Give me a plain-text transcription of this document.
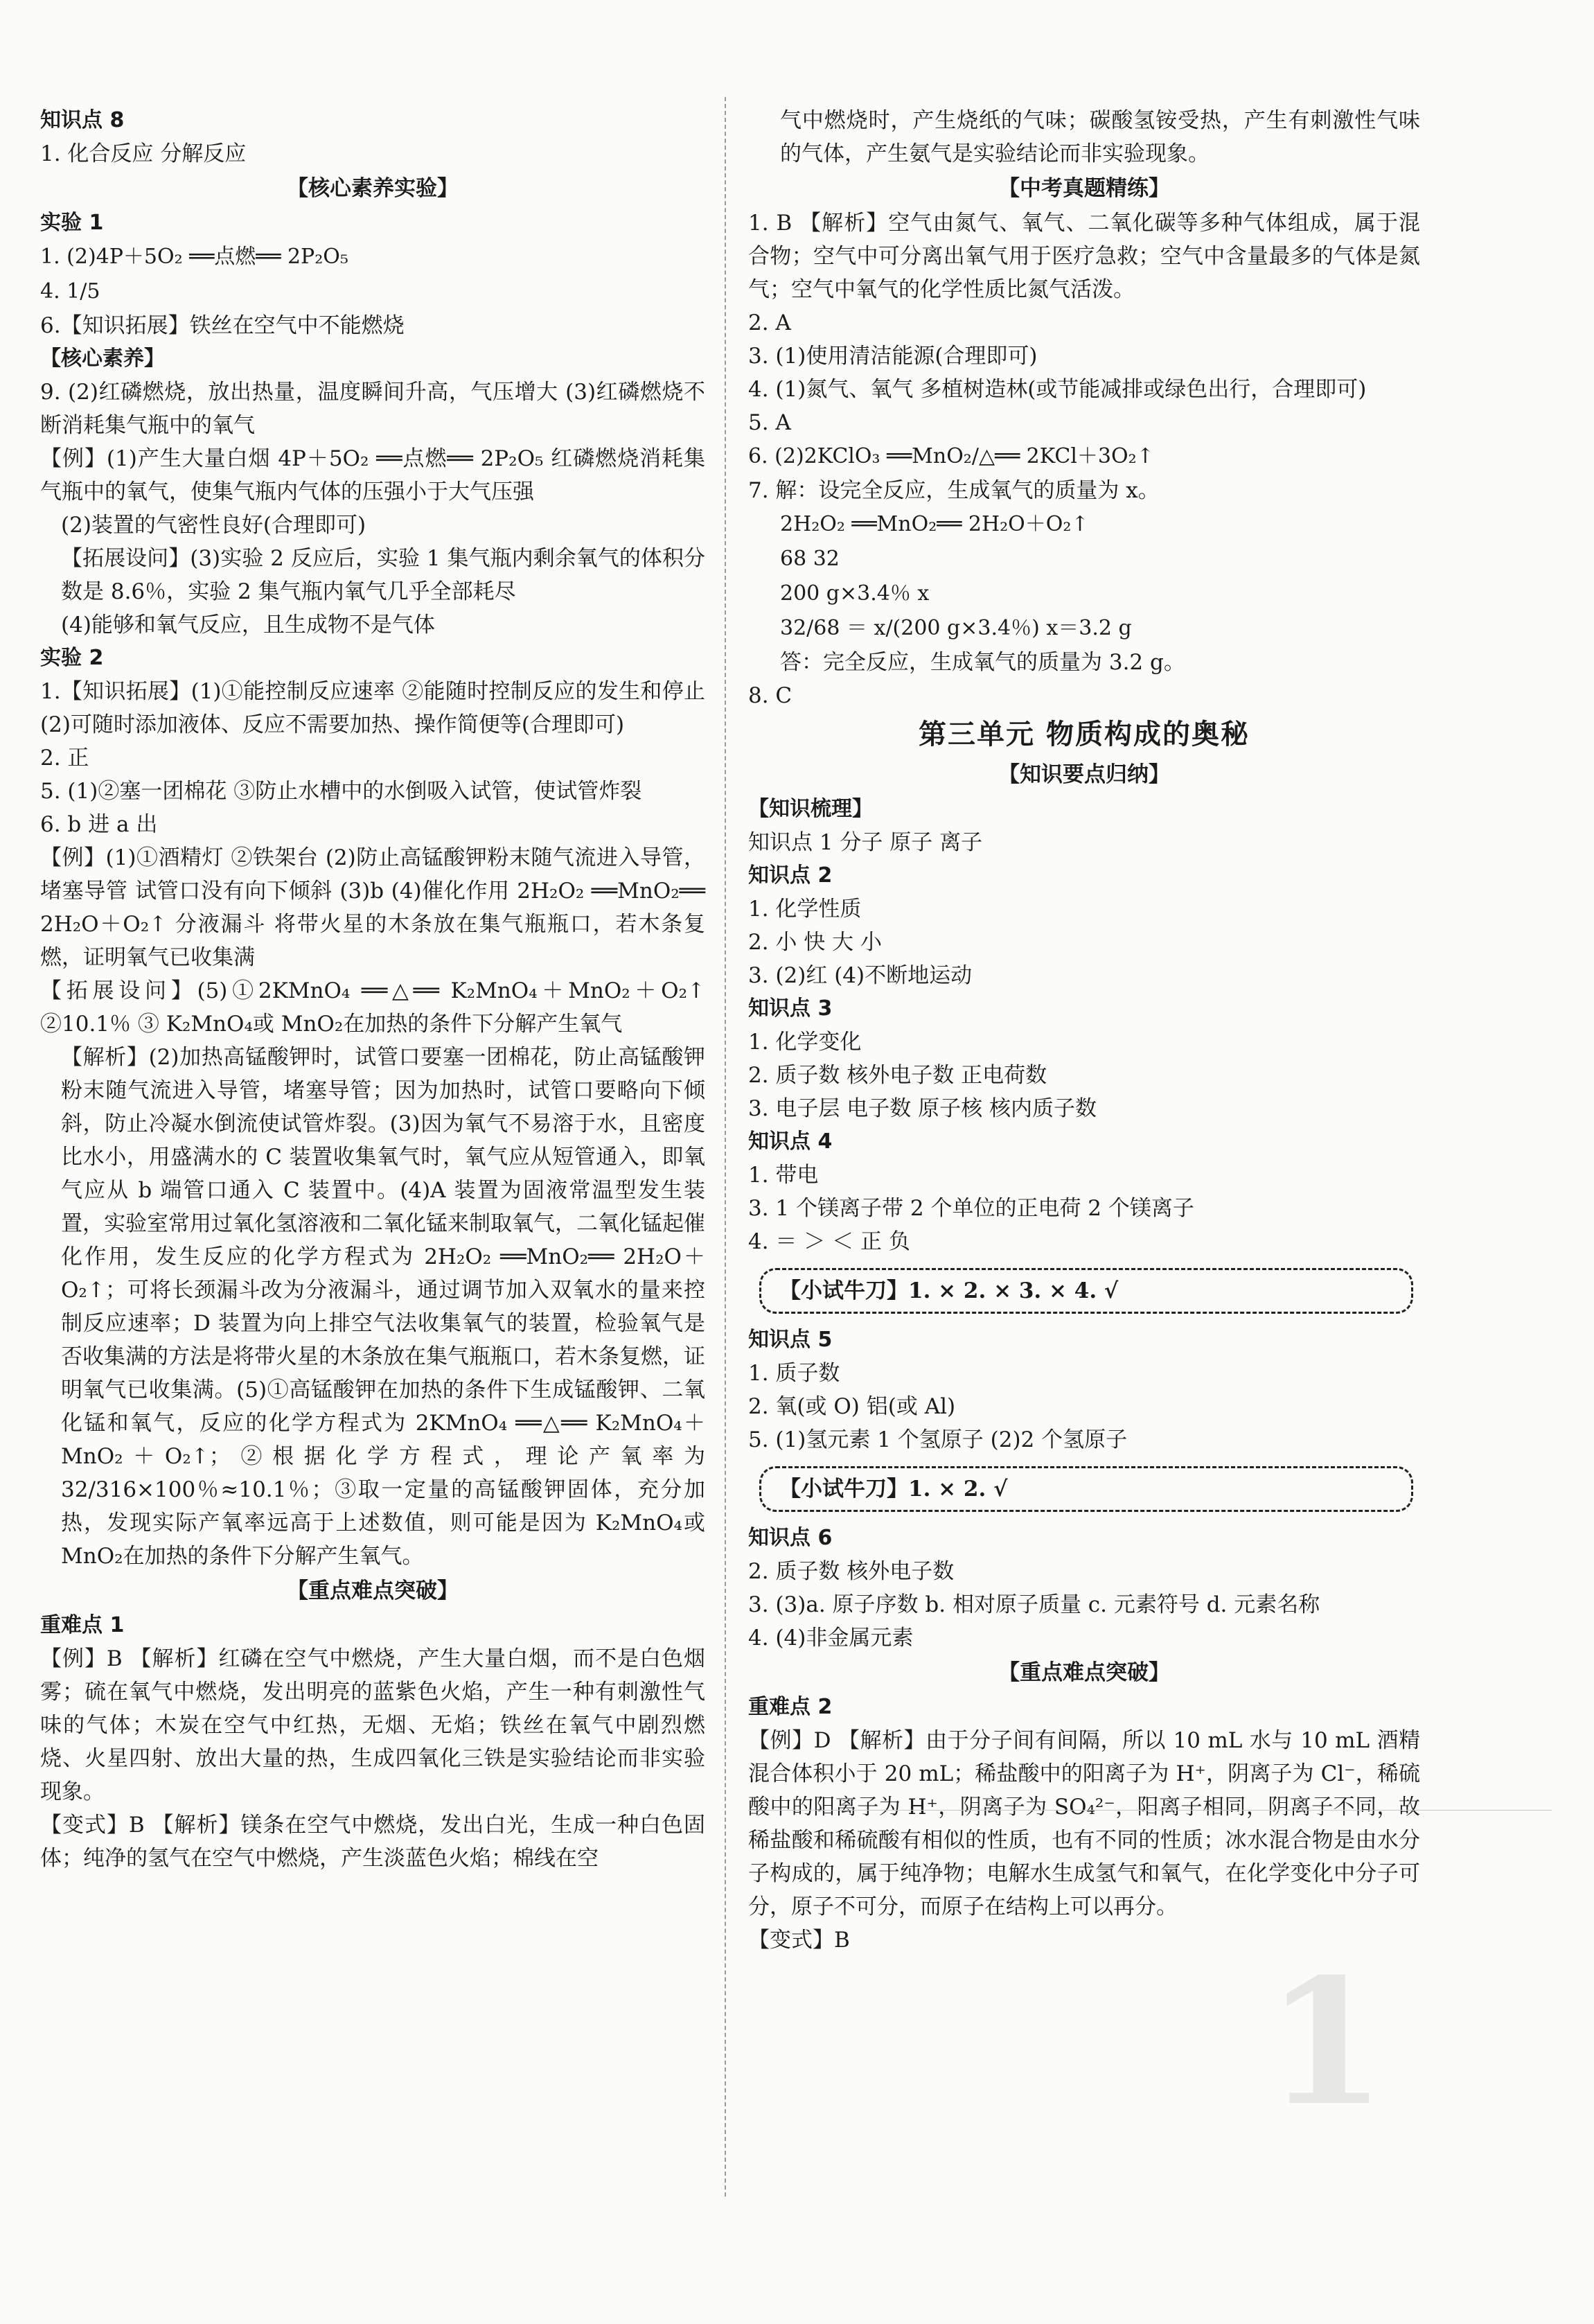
知识点 8
1. 化合反应 分解反应
【核心素养实验】
实验 1
1. (2)4P＋5O₂ ══点燃══ 2P₂O₅
4. 1/5
6.【知识拓展】铁丝在空气中不能燃烧
【核心素养】
9. (2)红磷燃烧，放出热量，温度瞬间升高，气压增大 (3)红磷燃烧不断消耗集气瓶中的氧气
【例】(1)产生大量白烟 4P＋5O₂ ══点燃══ 2P₂O₅ 红磷燃烧消耗集气瓶中的氧气，使集气瓶内气体的压强小于大气压强
(2)装置的气密性良好(合理即可)
【拓展设问】(3)实验 2 反应后，实验 1 集气瓶内剩余氧气的体积分数是 8.6％，实验 2 集气瓶内氧气几乎全部耗尽
(4)能够和氧气反应，且生成物不是气体
实验 2
1.【知识拓展】(1)①能控制反应速率 ②能随时控制反应的发生和停止 (2)可随时添加液体、反应不需要加热、操作简便等(合理即可)
2. 正
5. (1)②塞一团棉花 ③防止水槽中的水倒吸入试管，使试管炸裂
6. b 进 a 出
【例】(1)①酒精灯 ②铁架台 (2)防止高锰酸钾粉末随气流进入导管，堵塞导管 试管口没有向下倾斜 (3)b (4)催化作用 2H₂O₂ ══MnO₂══ 2H₂O＋O₂↑ 分液漏斗 将带火星的木条放在集气瓶瓶口，若木条复燃，证明氧气已收集满
【拓展设问】(5)①2KMnO₄ ══△══ K₂MnO₄＋MnO₂＋O₂↑ ②10.1％ ③ K₂MnO₄或 MnO₂在加热的条件下分解产生氧气
【解析】(2)加热高锰酸钾时，试管口要塞一团棉花，防止高锰酸钾粉末随气流进入导管，堵塞导管；因为加热时，试管口要略向下倾斜，防止冷凝水倒流使试管炸裂。(3)因为氧气不易溶于水，且密度比水小，用盛满水的 C 装置收集氧气时，氧气应从短管通入，即氧气应从 b 端管口通入 C 装置中。(4)A 装置为固液常温型发生装置，实验室常用过氧化氢溶液和二氧化锰来制取氧气，二氧化锰起催化作用，发生反应的化学方程式为 2H₂O₂ ══MnO₂══ 2H₂O＋O₂↑；可将长颈漏斗改为分液漏斗，通过调节加入双氧水的量来控制反应速率；D 装置为向上排空气法收集氧气的装置，检验氧气是否收集满的方法是将带火星的木条放在集气瓶瓶口，若木条复燃，证明氧气已收集满。(5)①高锰酸钾在加热的条件下生成锰酸钾、二氧化锰和氧气，反应的化学方程式为 2KMnO₄ ══△══ K₂MnO₄＋MnO₂＋O₂↑；②根据化学方程式，理论产氧率为 32/316×100％≈10.1％；③取一定量的高锰酸钾固体，充分加热，发现实际产氧率远高于上述数值，则可能是因为 K₂MnO₄或 MnO₂在加热的条件下分解产生氧气。
【重点难点突破】
重难点 1
【例】B 【解析】红磷在空气中燃烧，产生大量白烟，而不是白色烟雾；硫在氧气中燃烧，发出明亮的蓝紫色火焰，产生一种有刺激性气味的气体；木炭在空气中红热，无烟、无焰；铁丝在氧气中剧烈燃烧、火星四射、放出大量的热，生成四氧化三铁是实验结论而非实验现象。
【变式】B 【解析】镁条在空气中燃烧，发出白光，生成一种白色固体；纯净的氢气在空气中燃烧，产生淡蓝色火焰；棉线在空
气中燃烧时，产生烧纸的气味；碳酸氢铵受热，产生有刺激性气味的气体，产生氨气是实验结论而非实验现象。
【中考真题精练】
1. B 【解析】空气由氮气、氧气、二氧化碳等多种气体组成，属于混合物；空气中可分离出氧气用于医疗急救；空气中含量最多的气体是氮气；空气中氧气的化学性质比氮气活泼。
2. A
3. (1)使用清洁能源(合理即可)
4. (1)氮气、氧气 多植树造林(或节能减排或绿色出行，合理即可)
5. A
6. (2)2KClO₃ ══MnO₂/△══ 2KCl＋3O₂↑
7. 解：设完全反应，生成氧气的质量为 x。
2H₂O₂ ══MnO₂══ 2H₂O＋O₂↑
68 32
200 g×3.4％ x
32/68 ＝ x/(200 g×3.4％) x＝3.2 g
答：完全反应，生成氧气的质量为 3.2 g。
8. C
第三单元 物质构成的奥秘
【知识要点归纳】
【知识梳理】
知识点 1 分子 原子 离子
知识点 2
1. 化学性质
2. 小 快 大 小
3. (2)红 (4)不断地运动
知识点 3
1. 化学变化
2. 质子数 核外电子数 正电荷数
3. 电子层 电子数 原子核 核内质子数
知识点 4
1. 带电
3. 1 个镁离子带 2 个单位的正电荷 2 个镁离子
4. ＝ ＞ ＜ 正 负
【小试牛刀】1. × 2. × 3. × 4. √
知识点 5
1. 质子数
2. 氧(或 O) 铝(或 Al)
5. (1)氢元素 1 个氢原子 (2)2 个氢原子
【小试牛刀】1. × 2. √
知识点 6
2. 质子数 核外电子数
3. (3)a. 原子序数 b. 相对原子质量 c. 元素符号 d. 元素名称
4. (4)非金属元素
【重点难点突破】
重难点 2
【例】D 【解析】由于分子间有间隔，所以 10 mL 水与 10 mL 酒精混合体积小于 20 mL；稀盐酸中的阳离子为 H⁺，阴离子为 Cl⁻，稀硫酸中的阳离子为 H⁺，阴离子为 SO₄²⁻，阳离子相同，阴离子不同，故稀盐酸和稀硫酸有相似的性质，也有不同的性质；冰水混合物是由水分子构成的，属于纯净物；电解水生成氢气和氧气，在化学变化中分子可分，原子不可分，而原子在结构上可以再分。
【变式】B	1
